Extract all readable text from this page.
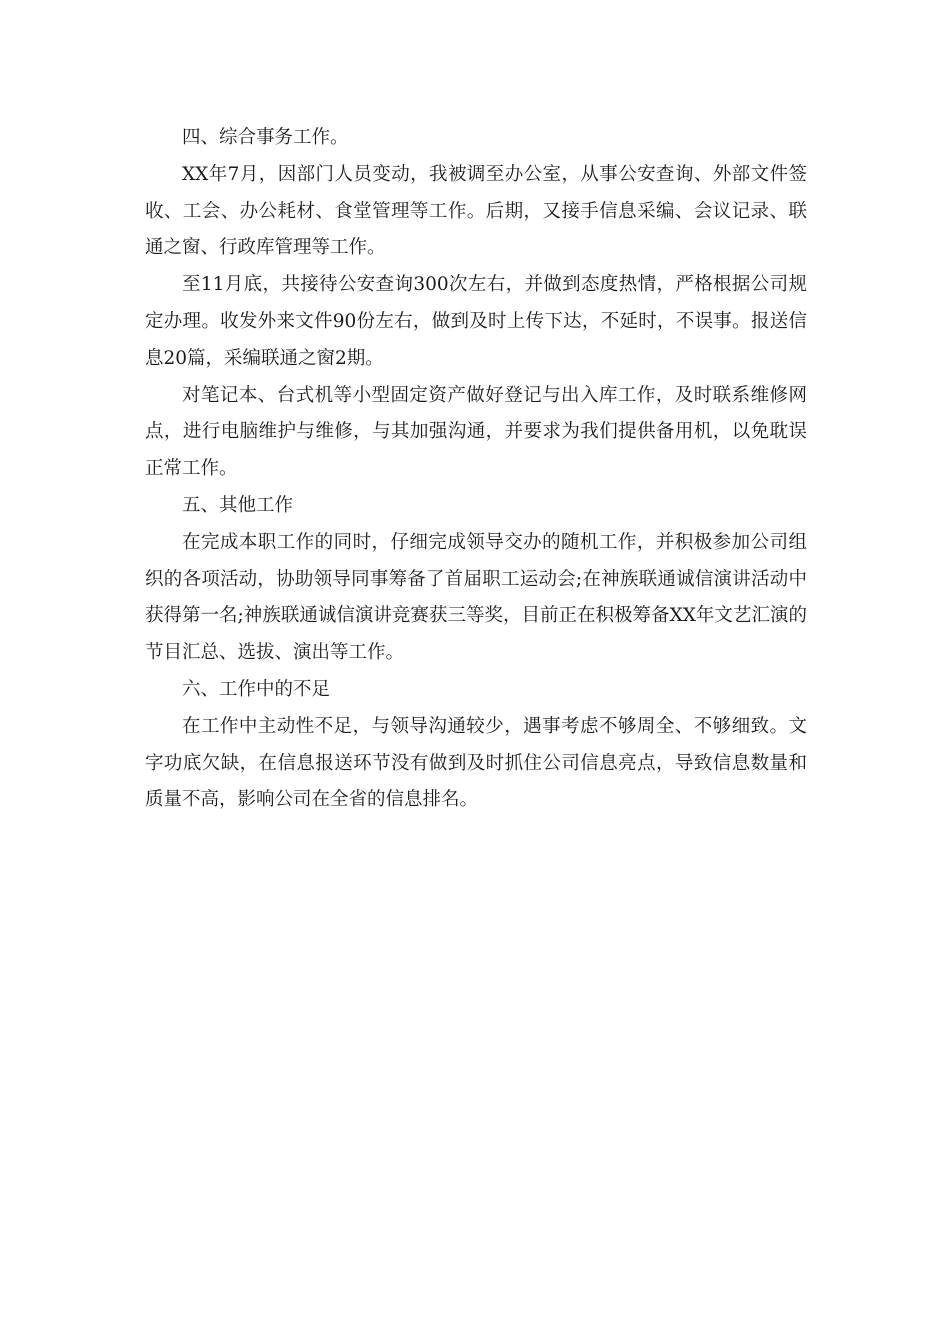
四、综合事务工作。

XX年7月，因部门人员变动，我被调至办公室，从事公安查询、外部文件签收、工会、办公耗材、食堂管理等工作。后期，又接手信息采编、会议记录、联通之窗、行政库管理等工作。

至11月底，共接待公安查询300次左右，并做到态度热情，严格根据公司规定办理。收发外来文件90份左右，做到及时上传下达，不延时，不误事。报送信息20篇，采编联通之窗2期。

对笔记本、台式机等小型固定资产做好登记与出入库工作，及时联系维修网点，进行电脑维护与维修，与其加强沟通，并要求为我们提供备用机，以免耽误正常工作。

五、其他工作

在完成本职工作的同时，仔细完成领导交办的随机工作，并积极参加公司组织的各项活动，协助领导同事筹备了首届职工运动会;在神族联通诚信演讲活动中获得第一名;神族联通诚信演讲竞赛获三等奖，目前正在积极筹备XX年文艺汇演的节目汇总、选拔、演出等工作。

六、工作中的不足

在工作中主动性不足，与领导沟通较少，遇事考虑不够周全、不够细致。文字功底欠缺，在信息报送环节没有做到及时抓住公司信息亮点，导致信息数量和质量不高，影响公司在全省的信息排名。
